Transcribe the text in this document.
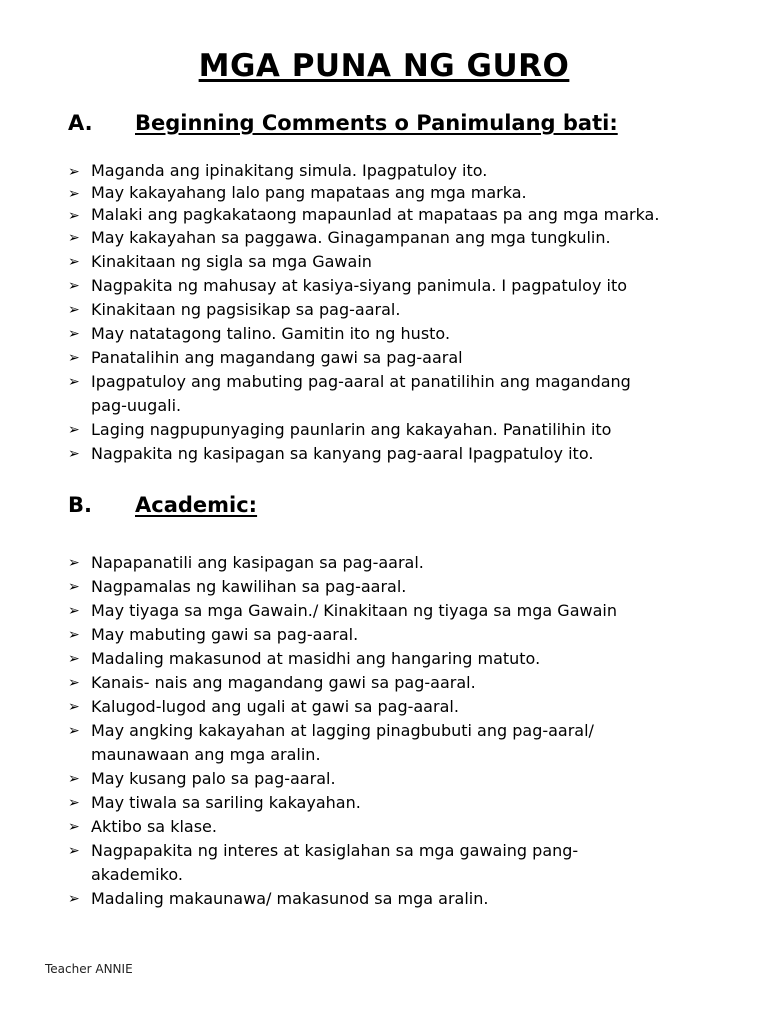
MGA PUNA NG GURO
A. Beginning Comments o Panimulang bati:
➢ Maganda ang ipinakitang simula. Ipagpatuloy ito.
➢ May kakayahang lalo pang mapataas ang mga marka.
➢ Malaki ang pagkakataong mapaunlad at mapataas pa ang mga marka.
➢ May kakayahan sa paggawa. Ginagampanan ang mga tungkulin.
➢ Kinakitaan ng sigla sa mga Gawain
➢ Nagpakita ng mahusay at kasiya-siyang panimula. I pagpatuloy ito
➢ Kinakitaan ng pagsisikap sa pag-aaral.
➢ May natatagong talino. Gamitin ito ng husto.
➢ Panatalihin ang magandang gawi sa pag-aaral
➢ Ipagpatuloy ang mabuting pag-aaral at panatilihin ang magandang
pag-uugali.
➢ Laging nagpupunyaging paunlarin ang kakayahan. Panatilihin ito
➢ Nagpakita ng kasipagan sa kanyang pag-aaral Ipagpatuloy ito.
B. Academic:
➢ Napapanatili ang kasipagan sa pag-aaral.
➢ Nagpamalas ng kawilihan sa pag-aaral.
➢ May tiyaga sa mga Gawain./ Kinakitaan ng tiyaga sa mga Gawain
➢ May mabuting gawi sa pag-aaral.
➢ Madaling makasunod at masidhi ang hangaring matuto.
➢ Kanais- nais ang magandang gawi sa pag-aaral.
➢ Kalugod-lugod ang ugali at gawi sa pag-aaral.
➢ May angking kakayahan at lagging pinagbubuti ang pag-aaral/
maunawaan ang mga aralin.
➢ May kusang palo sa pag-aaral.
➢ May tiwala sa sariling kakayahan.
➢ Aktibo sa klase.
➢ Nagpapakita ng interes at kasiglahan sa mga gawaing pang-
akademiko.
➢ Madaling makaunawa/ makasunod sa mga aralin.
Teacher ANNIE
